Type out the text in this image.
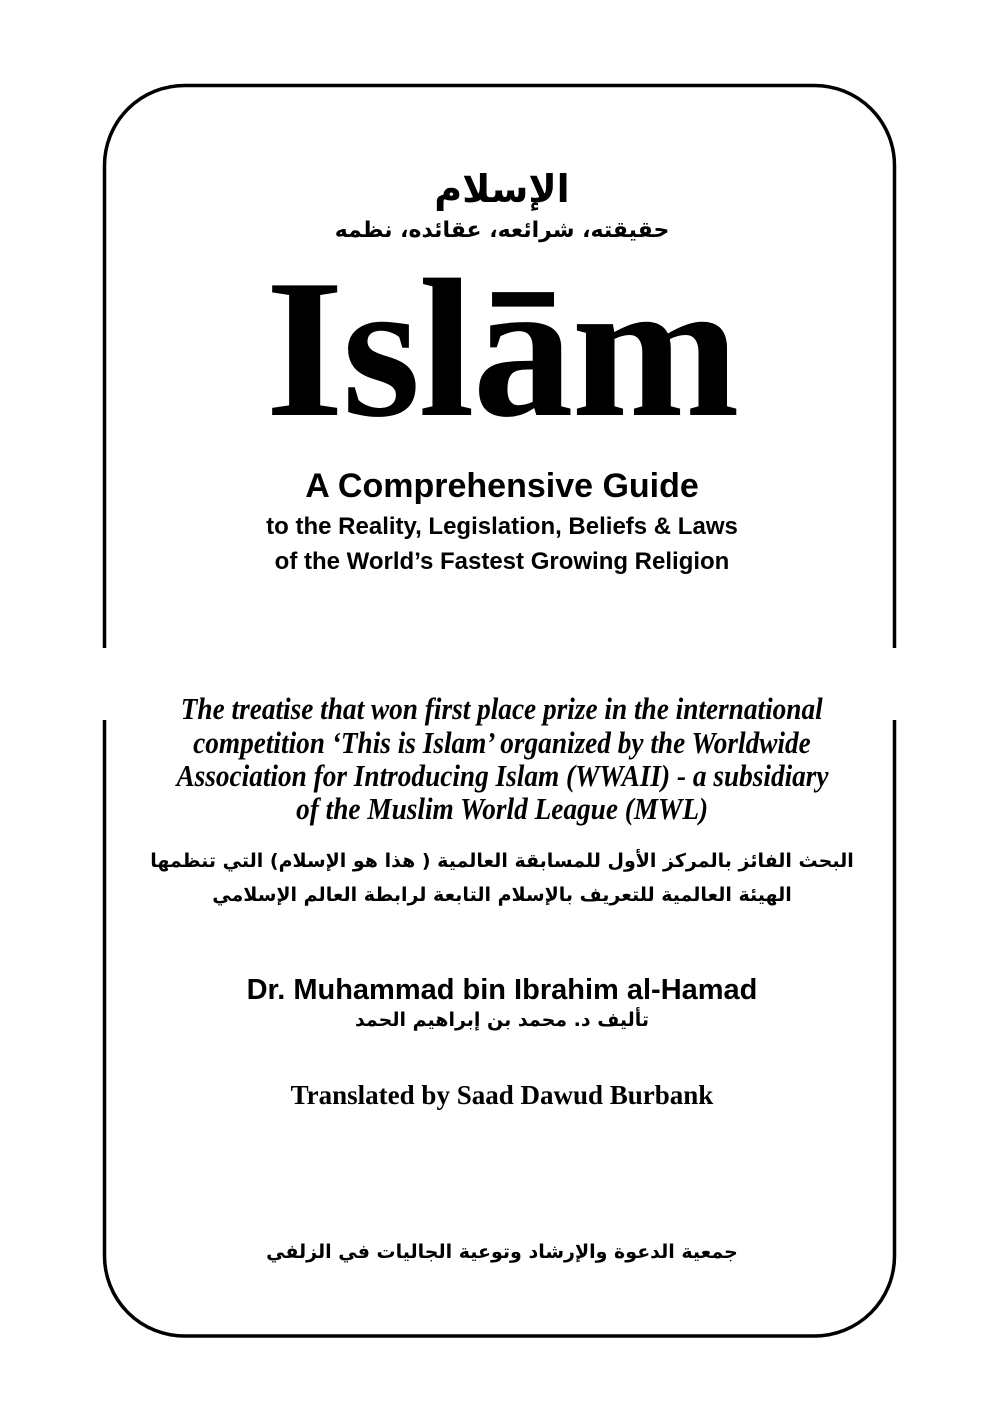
الإسلام
حقيقته، شرائعه، عقائده، نظمه
Islām
A Comprehensive Guide
to the Reality, Legislation, Beliefs & Laws
of the World’s Fastest Growing Religion
The treatise that won first place prize in the international
competition ‘This is Islam’ organized by the Worldwide
Association for Introducing Islam (WWAII) - a subsidiary
of the Muslim World League (MWL)
البحث الفائز بالمركز الأول للمسابقة العالمية ( هذا هو الإسلام) التي تنظمها
الهيئة العالمية للتعريف بالإسلام التابعة لرابطة العالم الإسلامي
Dr. Muhammad bin Ibrahim al-Hamad
تأليف د. محمد بن إبراهيم الحمد
Translated by Saad Dawud Burbank
جمعية الدعوة والإرشاد وتوعية الجاليات في الزلفي
